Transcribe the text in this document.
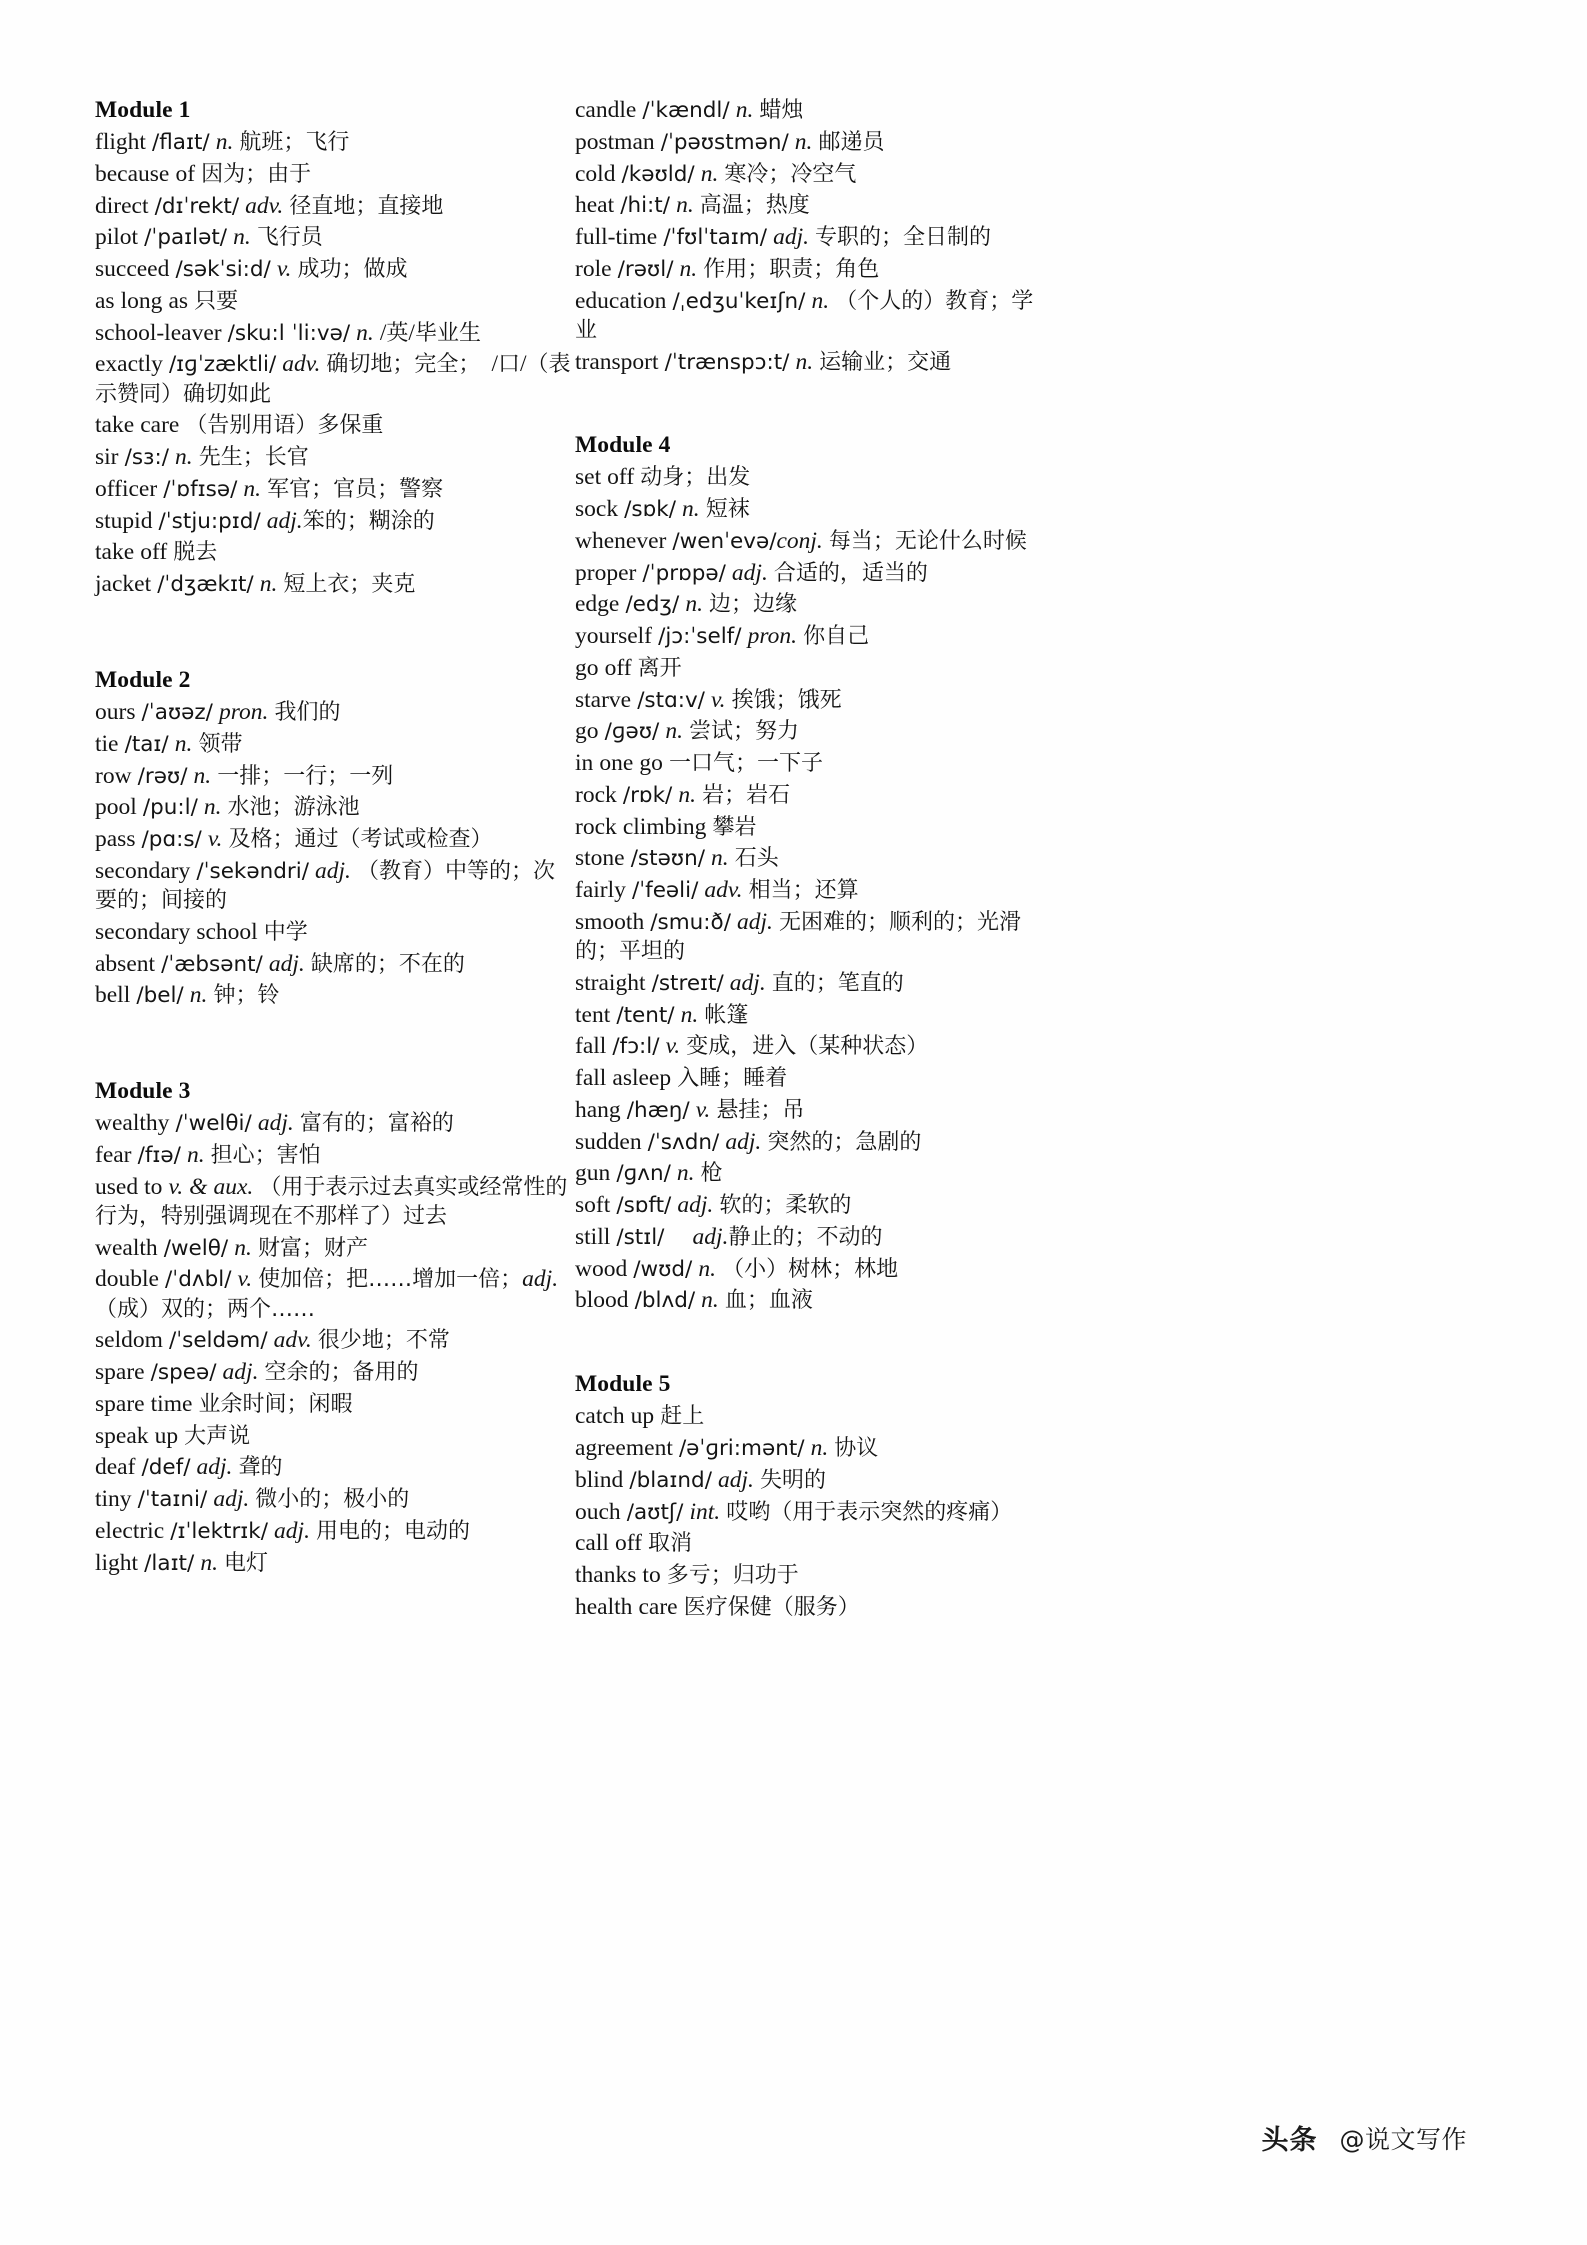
Module 1

flight /flaɪt/ n. 航班；飞行

because of 因为；由于

direct /dɪˈrekt/ adv. 径直地；直接地

pilot /ˈpaɪlət/ n. 飞行员

succeed /səkˈsi:d/ v. 成功；做成

as long as 只要

school-leaver /sku:l ˈli:və/ n. /英/毕业生

exactly /ɪɡˈzæktli/ adv. 确切地；完全；　/口/（表示赞同）确切如此

take care （告别用语）多保重

sir /sɜ:/ n. 先生；长官

officer /ˈɒfɪsə/ n. 军官；官员；警察

stupid /ˈstju:pɪd/ adj.笨的；糊涂的

take off 脱去

jacket /ˈdʒækɪt/ n. 短上衣；夹克

Module 2

ours /ˈaʊəz/ pron. 我们的

tie /taɪ/ n. 领带

row /rəʊ/ n. 一排；一行；一列

pool /pu:l/ n. 水池；游泳池

pass /pɑ:s/ v. 及格；通过（考试或检查）

secondary /ˈsekəndri/ adj. （教育）中等的；次要的；间接的

secondary school 中学

absent /ˈæbsənt/ adj. 缺席的；不在的

bell /bel/ n. 钟；铃

Module 3

wealthy /ˈwelθi/ adj. 富有的；富裕的

fear /fɪə/ n. 担心；害怕

used to v. & aux. （用于表示过去真实或经常性的行为，特别强调现在不那样了）过去

wealth /welθ/ n. 财富；财产

double /ˈdʌbl/ v. 使加倍；把……增加一倍；adj.（成）双的；两个……

seldom /ˈseldəm/ adv. 很少地；不常

spare /speə/ adj. 空余的；备用的

spare time 业余时间；闲暇

speak up 大声说

deaf /def/ adj. 聋的

tiny /ˈtaɪni/ adj. 微小的；极小的

electric /ɪˈlektrɪk/ adj. 用电的；电动的

light /laɪt/ n. 电灯

candle /ˈkændl/ n. 蜡烛

postman /ˈpəʊstmən/ n. 邮递员

cold /kəʊld/ n. 寒冷；冷空气

heat /hi:t/ n. 高温；热度

full-time /ˈfʊlˈtaɪm/ adj. 专职的；全日制的

role /rəʊl/ n. 作用；职责；角色

education /ˌedʒuˈkeɪʃn/ n. （个人的）教育；学业

transport /ˈtrænspɔ:t/ n. 运输业；交通

Module 4

set off 动身；出发

sock /sɒk/ n. 短袜

whenever /wenˈevə/conj. 每当；无论什么时候

proper /ˈprɒpə/ adj. 合适的，适当的

edge /edʒ/ n. 边；边缘

yourself /jɔ:ˈself/ pron. 你自己

go off 离开

starve /stɑ:v/ v. 挨饿；饿死

go /ɡəʊ/ n. 尝试；努力

in one go 一口气；一下子

rock /rɒk/ n. 岩；岩石

rock climbing 攀岩

stone /stəʊn/ n. 石头

fairly /ˈfeəli/ adv. 相当；还算

smooth /smu:ð/ adj. 无困难的；顺利的；光滑的；平坦的

straight /streɪt/ adj. 直的；笔直的

tent /tent/ n. 帐篷

fall /fɔ:l/ v. 变成，进入（某种状态）

fall asleep 入睡；睡着

hang /hæŋ/ v. 悬挂；吊

sudden /ˈsʌdn/ adj. 突然的；急剧的

gun /ɡʌn/ n. 枪

soft /sɒft/ adj. 软的；柔软的

still /stɪl/ 　 adj.静止的；不动的

wood /wʊd/ n. （小）树林；林地

blood /blʌd/ n. 血；血液

Module 5

catch up 赶上

agreement /əˈɡri:mənt/ n. 协议

blind /blaɪnd/ adj. 失明的

ouch /aʊtʃ/ int. 哎哟（用于表示突然的疼痛）

call off 取消

thanks to 多亏；归功于

health care 医疗保健（服务）

头条 @说文写作
